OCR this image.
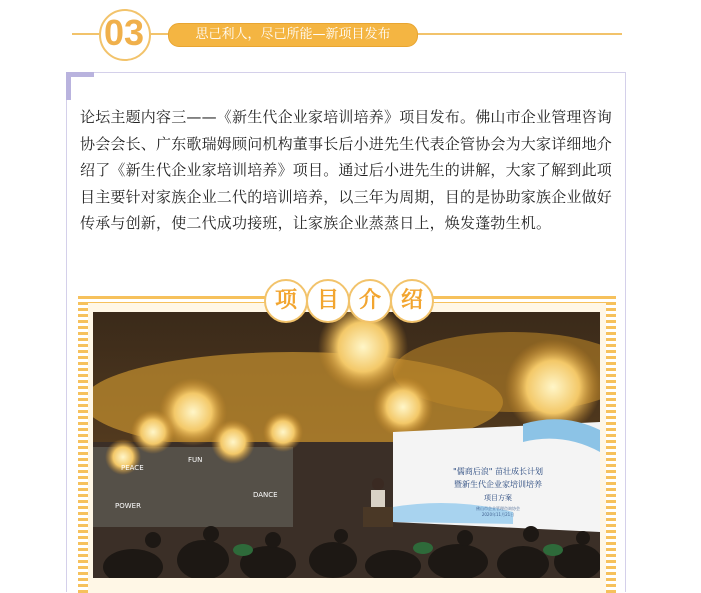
03	思己利人，尽己所能—新项目发布

论坛主题内容三——《新生代企业家培训培养》项目发布。佛山市企业管理咨询协会会长、广东歌瑞姆顾问机构董事长后小进先生代表企管协会为大家详细地介绍了《新生代企业家培训培养》项目。通过后小进先生的讲解，大家了解到此项目主要针对家族企业二代的培训培养，以三年为周期，目的是协助家族企业做好传承与创新，使二代成功接班，让家族企业蒸蒸日上，焕发蓬勃生机。

PEACE
FUN
DANCE
POWER
"儒商后浪" 苗壮成长计划
暨新生代企业家培训培养
项目方案
佛山市企业管理咨询协会
2020年11月21日
项 目 介 绍
